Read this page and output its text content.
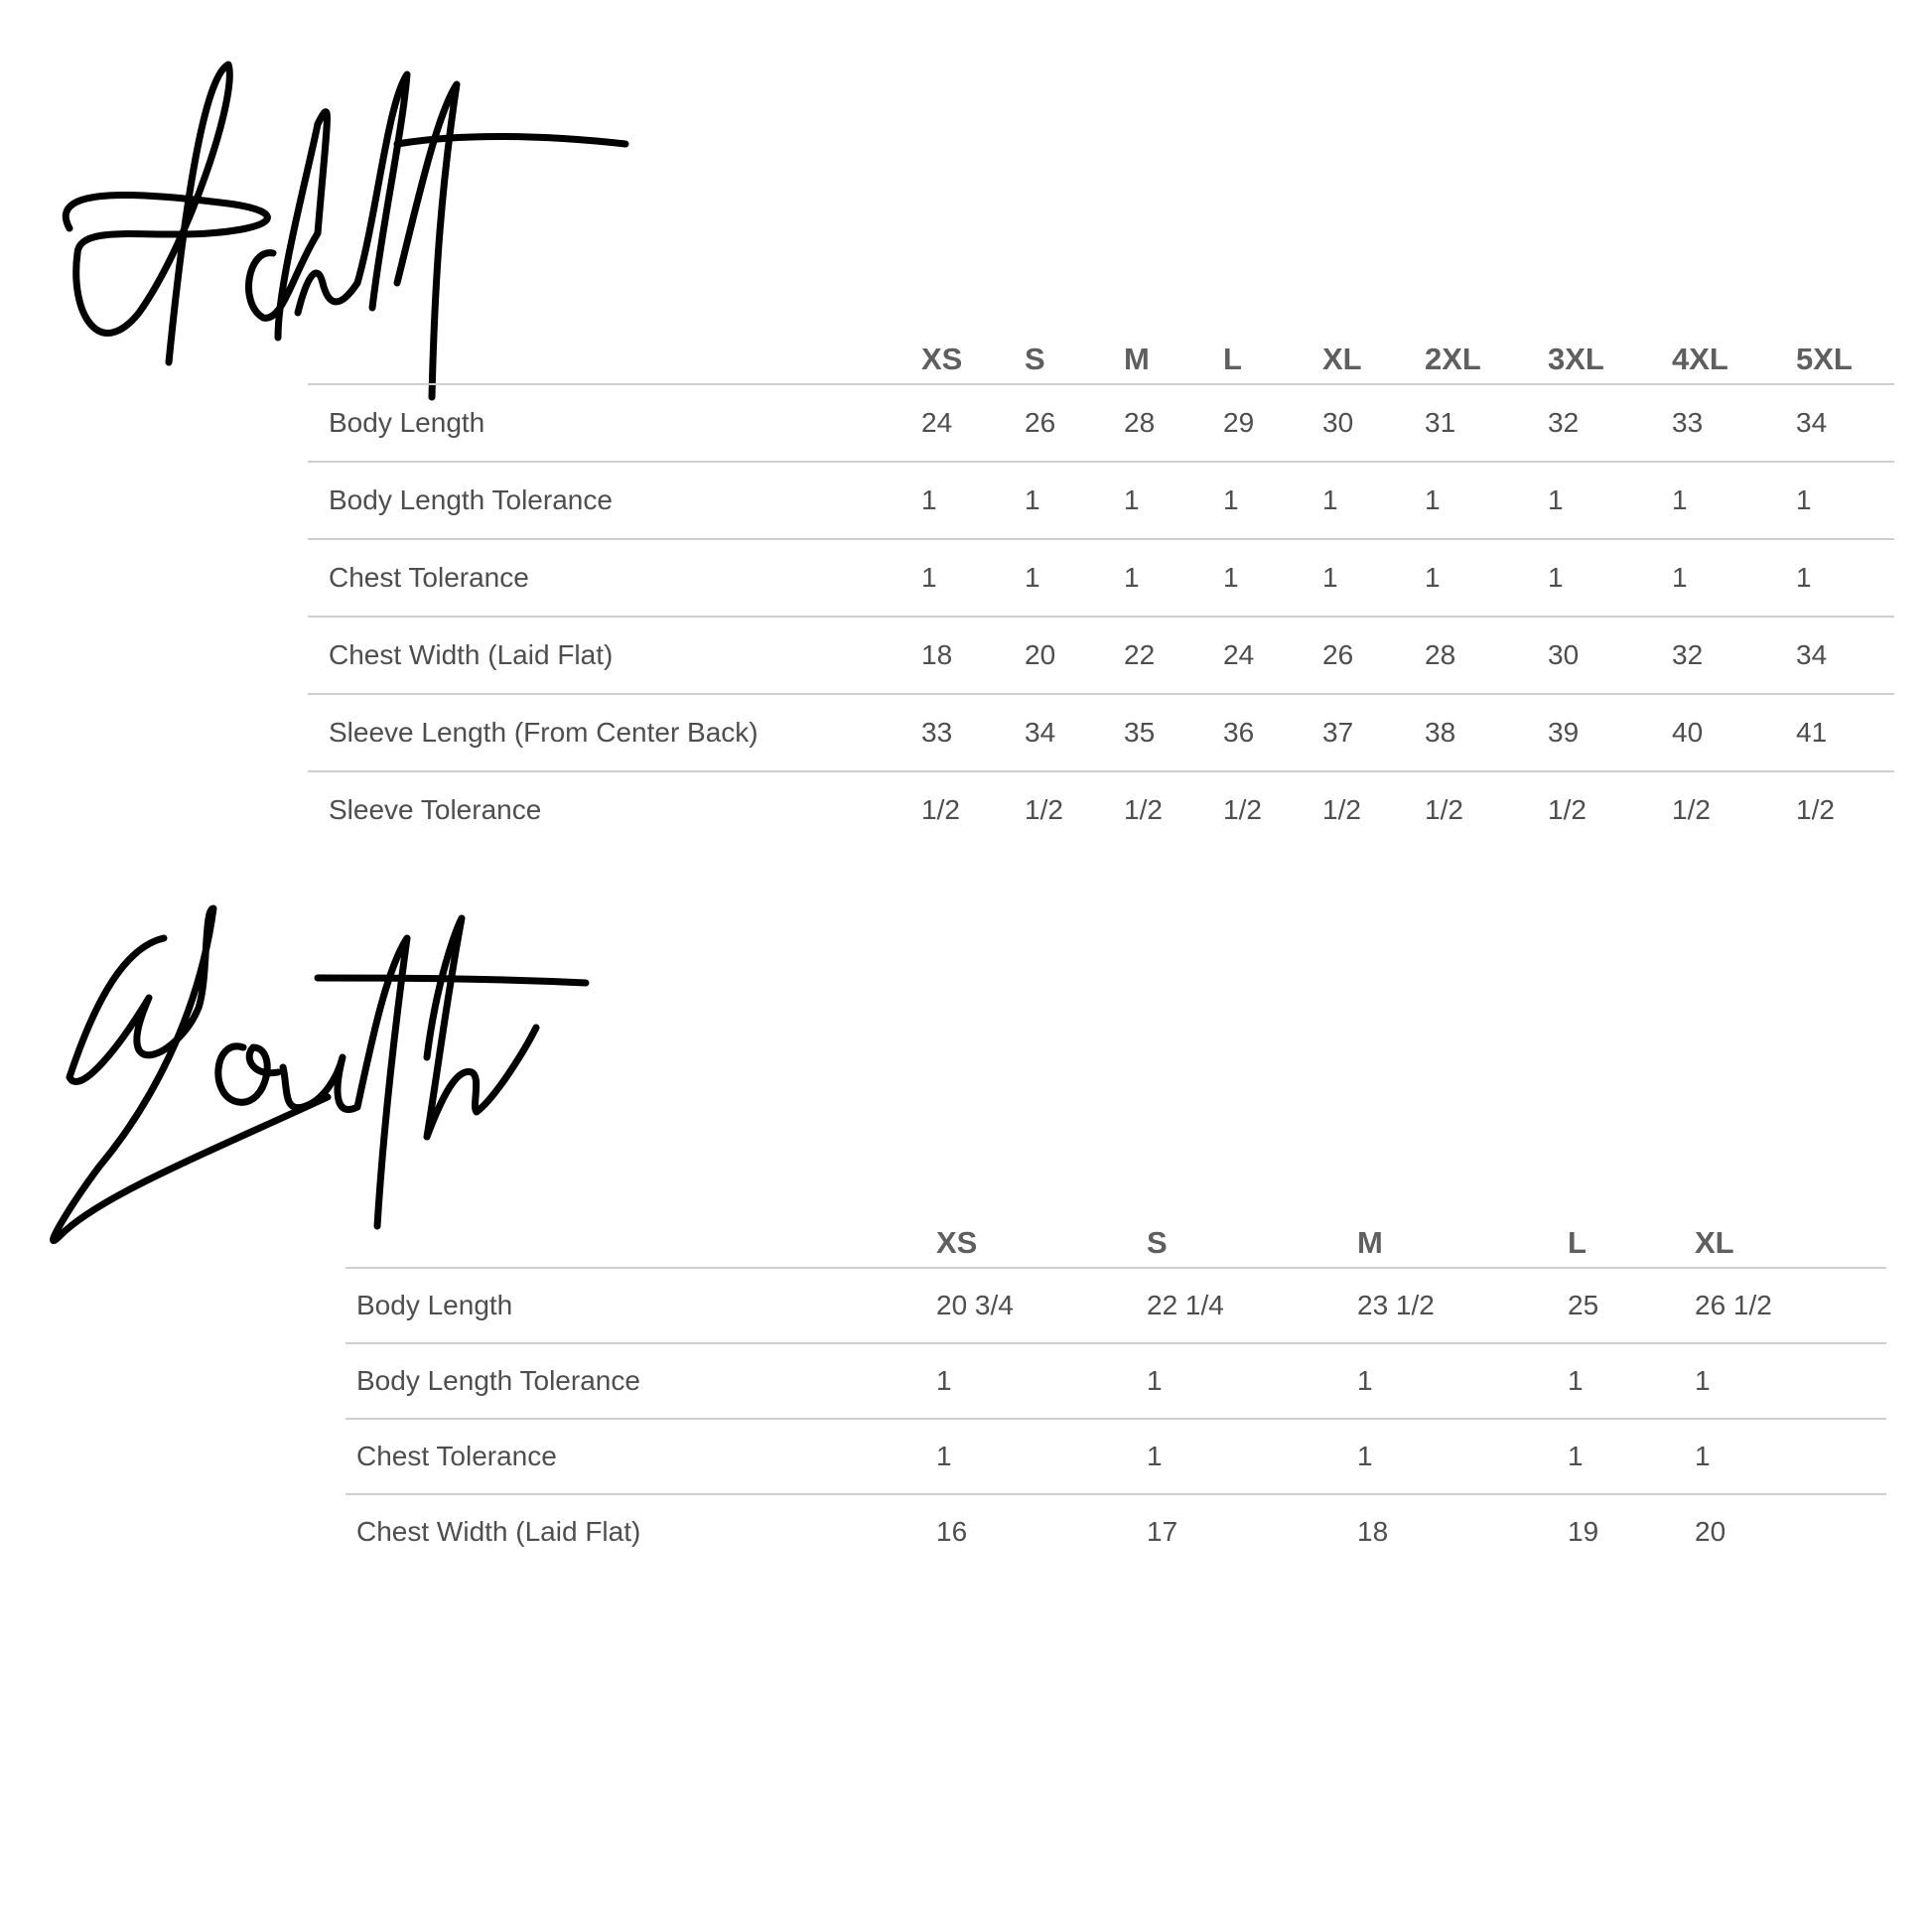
	XS	S	M	L	XL	2XL	3XL	4XL	5XL
Body Length	24	26	28	29	30	31	32	33	34
Body Length Tolerance	1	1	1	1	1	1	1	1	1
Chest Tolerance	1	1	1	1	1	1	1	1	1
Chest Width (Laid Flat)	18	20	22	24	26	28	30	32	34
Sleeve Length (From Center Back)	33	34	35	36	37	38	39	40	41
Sleeve Tolerance	1/2	1/2	1/2	1/2	1/2	1/2	1/2	1/2	1/2
	XS	S	M	L	XL
Body Length	20 3/4	22 1/4	23 1/2	25	26 1/2
Body Length Tolerance	1	1	1	1	1
Chest Tolerance	1	1	1	1	1
Chest Width (Laid Flat)	16	17	18	19	20
